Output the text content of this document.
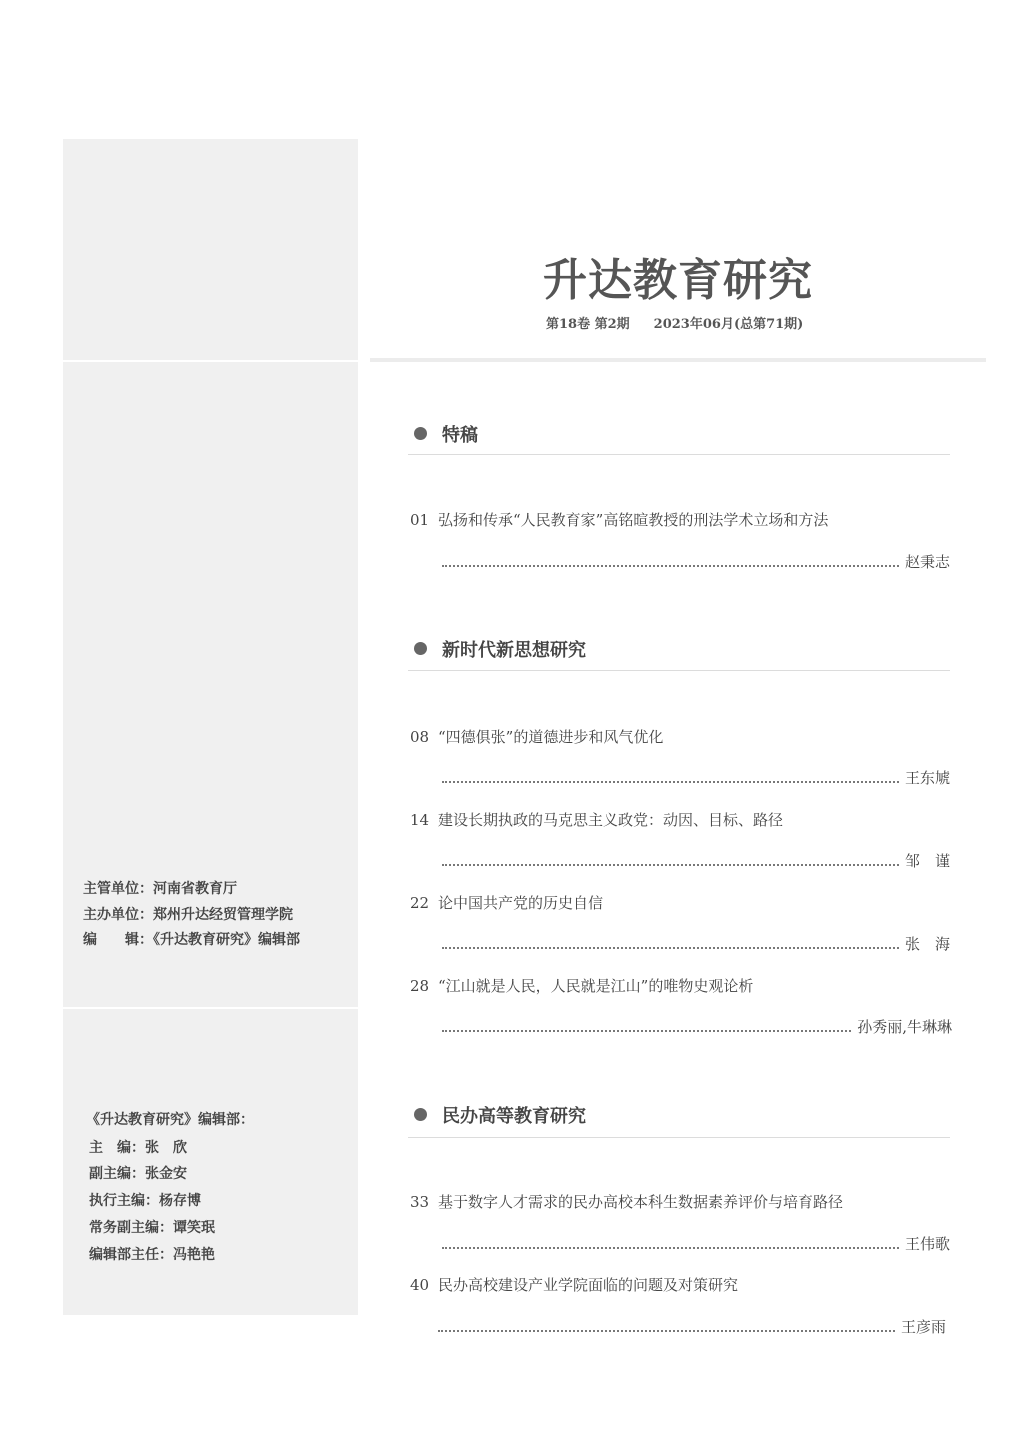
主管单位：河南省教育厅
主办单位：郑州升达经贸管理学院
编　　辑：《升达教育研究》编辑部
《升达教育研究》编辑部：
主　编：张　欣
副主编：张金安
执行主编：杨存博
常务副主编：谭笑珉
编辑部主任：冯艳艳
升达教育研究
第18卷 第2期 2023年06月(总第71期)
特稿
01 弘扬和传承“人民教育家”高铭暄教授的刑法学术立场和方法
赵秉志
新时代新思想研究
08 “四德俱张”的道德进步和风气优化
王东虓
14 建设长期执政的马克思主义政党：动因、目标、路径
邹　谨
22 论中国共产党的历史自信
张　海
28 “江山就是人民，人民就是江山”的唯物史观论析
孙秀丽,牛琳琳
民办高等教育研究
33 基于数字人才需求的民办高校本科生数据素养评价与培育路径
王伟歌
40 民办高校建设产业学院面临的问题及对策研究
王彦雨
